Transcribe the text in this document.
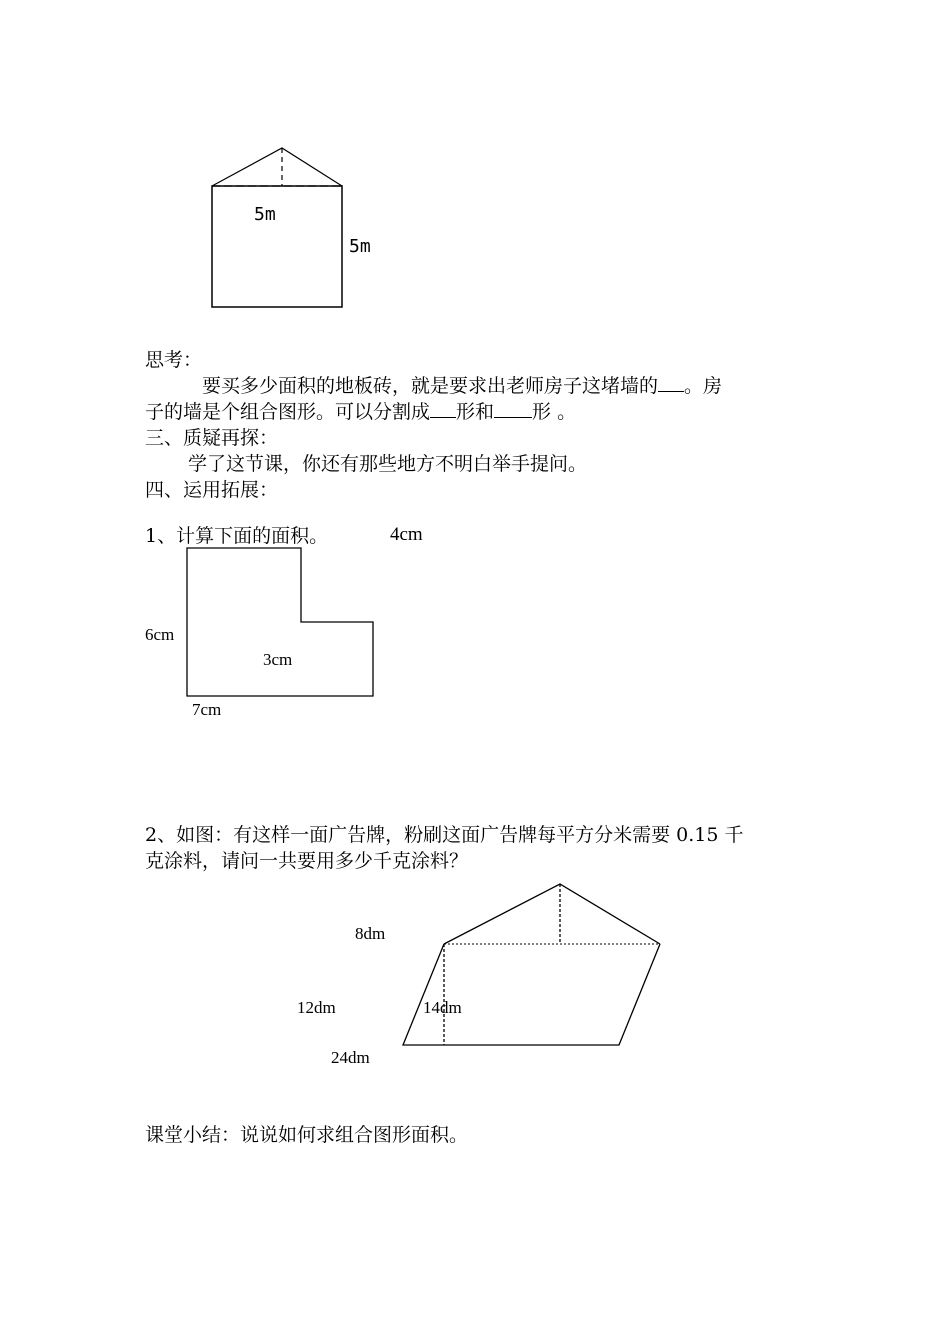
5m
5m
思考：
要买多少面积的地板砖，就是要求出老师房子这堵墙的 。房
子的墙是个组合图形。可以分割成 形和 形 。
三、质疑再探：
学了这节课，你还有那些地方不明白举手提问。
四、运用拓展：
1、计算下面的面积。	4cm
6cm
3cm
7cm
2、如图：有这样一面广告牌，粉刷这面广告牌每平方分米需要 0.15 千
克涂料，请问一共要用多少千克涂料？
8dm
12dm	14dm
24dm
课堂小结：说说如何求组合图形面积。
